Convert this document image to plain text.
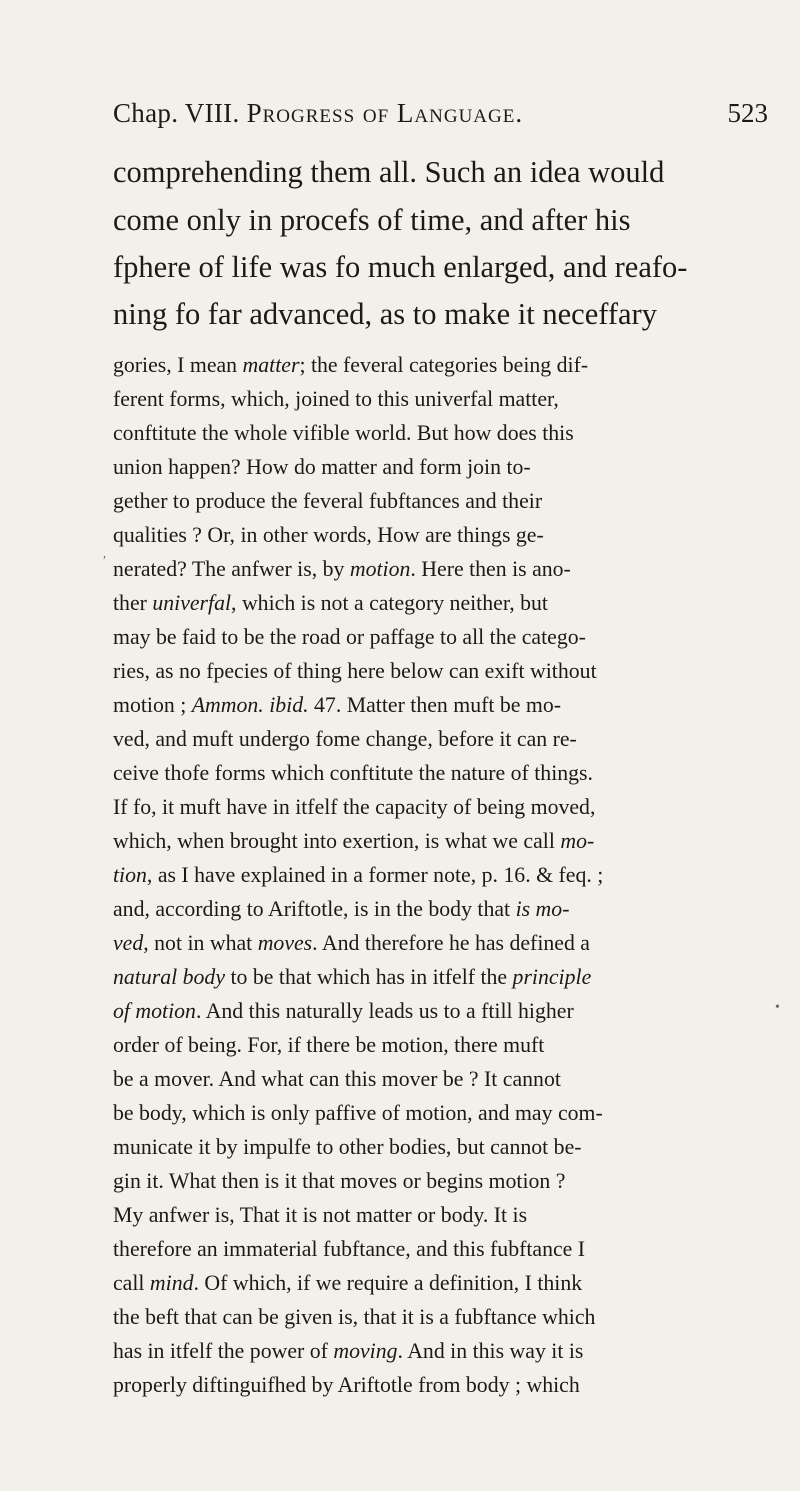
Chap. VIII. Progress of Language.	523
comprehending them all. Such an idea would
come only in procefs of time, and after his
fphere of life was fo much enlarged, and reafo-
ning fo far advanced, as to make it neceffary
gories, I mean matter; the feveral categories being dif-
ferent forms, which, joined to this univerfal matter,
conftitute the whole vifible world. But how does this
union happen? How do matter and form join to-
gether to produce the feveral fubftances and their
qualities ? Or, in other words, How are things ge-
nerated? The anfwer is, by motion. Here then is ano-
ther univerfal, which is not a category neither, but
may be faid to be the road or paffage to all the catego-
ries, as no fpecies of thing here below can exift without
motion ; Ammon. ibid. 47. Matter then muft be mo-
ved, and muft undergo fome change, before it can re-
ceive thofe forms which conftitute the nature of things.
If fo, it muft have in itfelf the capacity of being moved,
which, when brought into exertion, is what we call mo-
tion, as I have explained in a former note, p. 16. & feq. ;
and, according to Ariftotle, is in the body that is mo-
ved, not in what moves. And therefore he has defined a
natural body to be that which has in itfelf the principle
of motion. And this naturally leads us to a ftill higher
order of being. For, if there be motion, there muft
be a mover. And what can this mover be ? It cannot
be body, which is only paffive of motion, and may com-
municate it by impulfe to other bodies, but cannot be-
gin it. What then is it that moves or begins motion ?
My anfwer is, That it is not matter or body. It is
therefore an immaterial fubftance, and this fubftance I
call mind. Of which, if we require a definition, I think
the beft that can be given is, that it is a fubftance which
has in itfelf the power of moving. And in this way it is
properly diftinguifhed by Ariftotle from body ; which
′
•
